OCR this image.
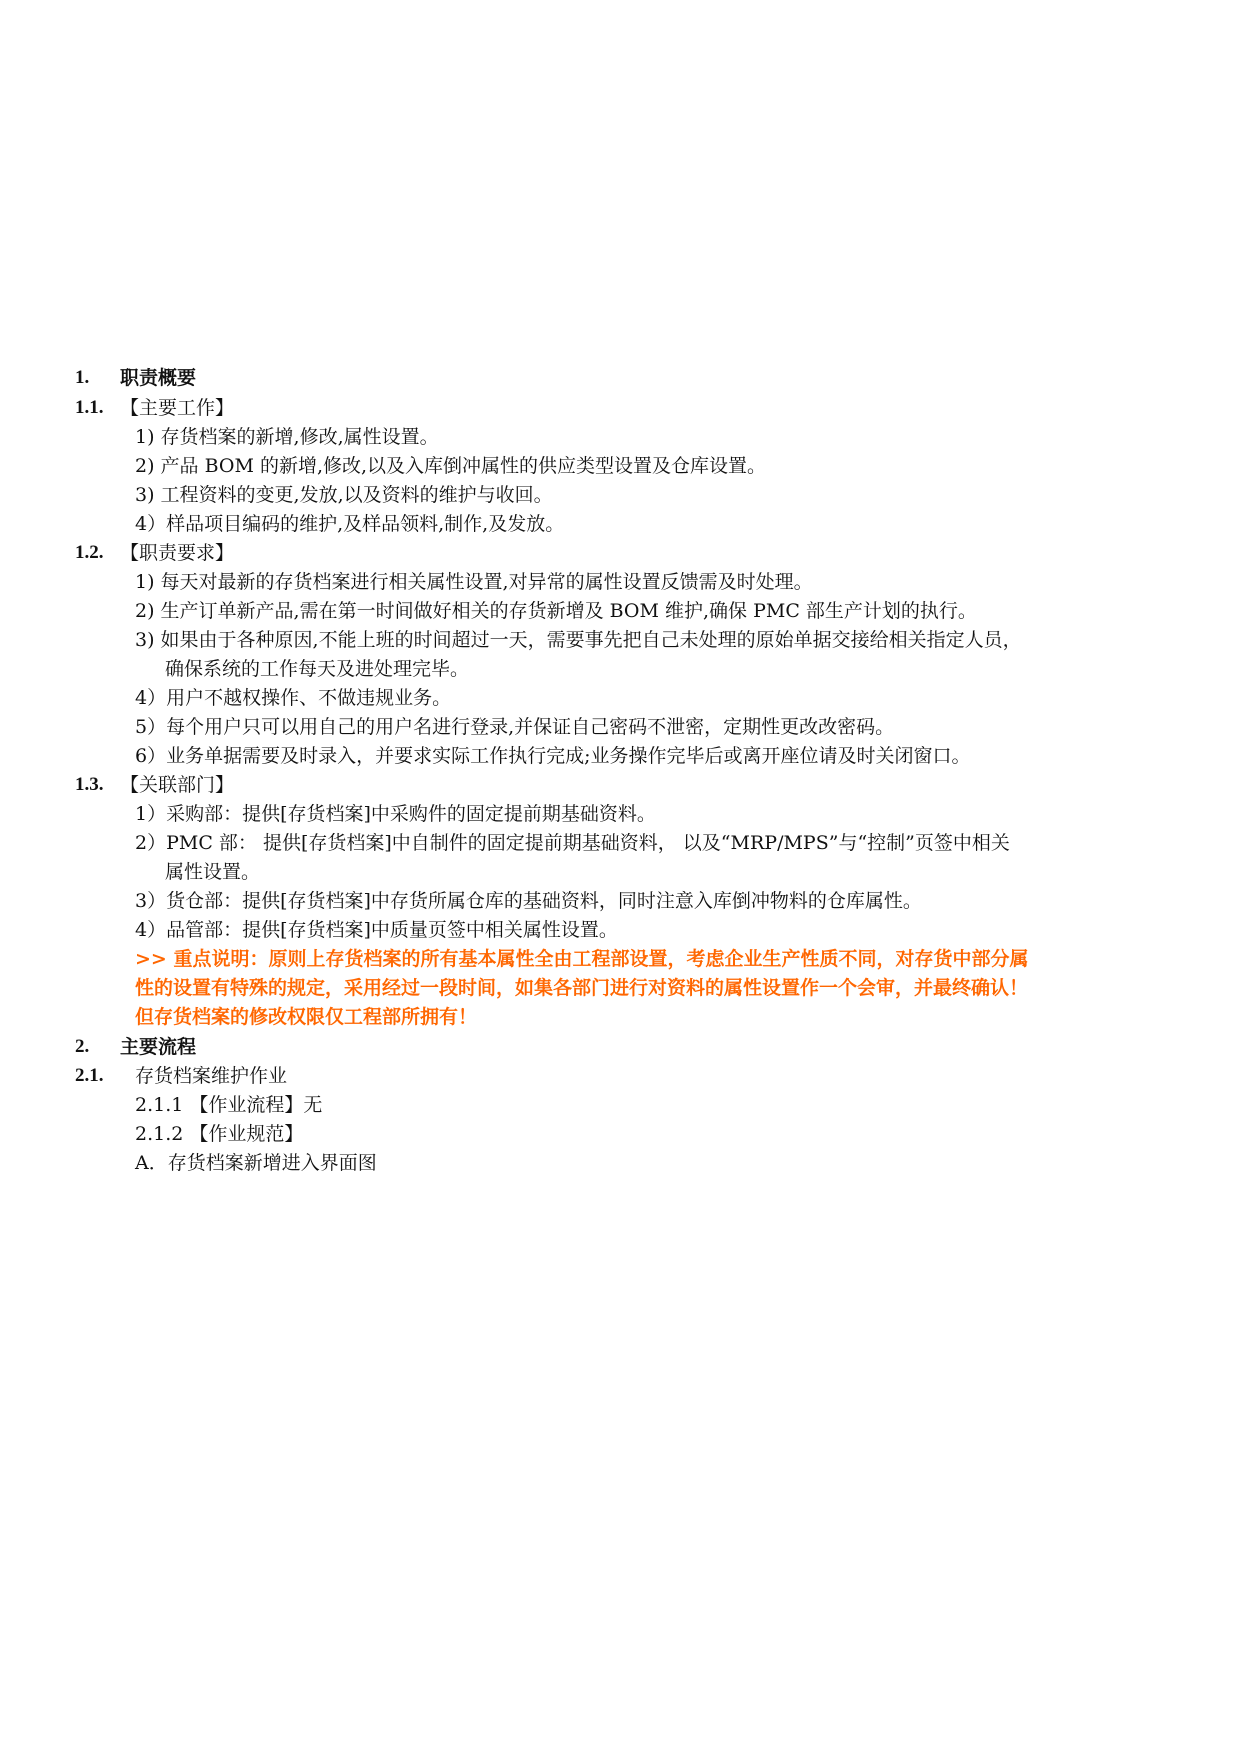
1. 职责概要
1.1. 【主要工作】
1) 存货档案的新增,修改,属性设置。
2) 产品 BOM 的新增,修改,以及入库倒冲属性的供应类型设置及仓库设置。
3) 工程资料的变更,发放,以及资料的维护与收回。
4）样品项目编码的维护,及样品领料,制作,及发放。
1.2. 【职责要求】
1) 每天对最新的存货档案进行相关属性设置,对异常的属性设置反馈需及时处理。
2) 生产订单新产品,需在第一时间做好相关的存货新增及 BOM 维护,确保 PMC 部生产计划的执行。
3) 如果由于各种原因,不能上班的时间超过一天，需要事先把自己未处理的原始单据交接给相关指定人员，
确保系统的工作每天及进处理完毕。
4）用户不越权操作、不做违规业务。
5）每个用户只可以用自己的用户名进行登录,并保证自己密码不泄密，定期性更改改密码。
6）业务单据需要及时录入，并要求实际工作执行完成;业务操作完毕后或离开座位请及时关闭窗口。
1.3. 【关联部门】
1）采购部：提供[存货档案]中采购件的固定提前期基础资料。
2）PMC 部： 提供[存货档案]中自制件的固定提前期基础资料， 以及“MRP/MPS”与“控制”页签中相关
属性设置。
3）货仓部：提供[存货档案]中存货所属仓库的基础资料，同时注意入库倒冲物料的仓库属性。
4）品管部：提供[存货档案]中质量页签中相关属性设置。
>> 重点说明：原则上存货档案的所有基本属性全由工程部设置，考虑企业生产性质不同，对存货中部分属
性的设置有特殊的规定，采用经过一段时间，如集各部门进行对资料的属性设置作一个会审，并最终确认！
但存货档案的修改权限仅工程部所拥有！
2. 主要流程
2.1. 存货档案维护作业
2.1.1 【作业流程】无
2.1.2 【作业规范】
A．存货档案新增进入界面图
